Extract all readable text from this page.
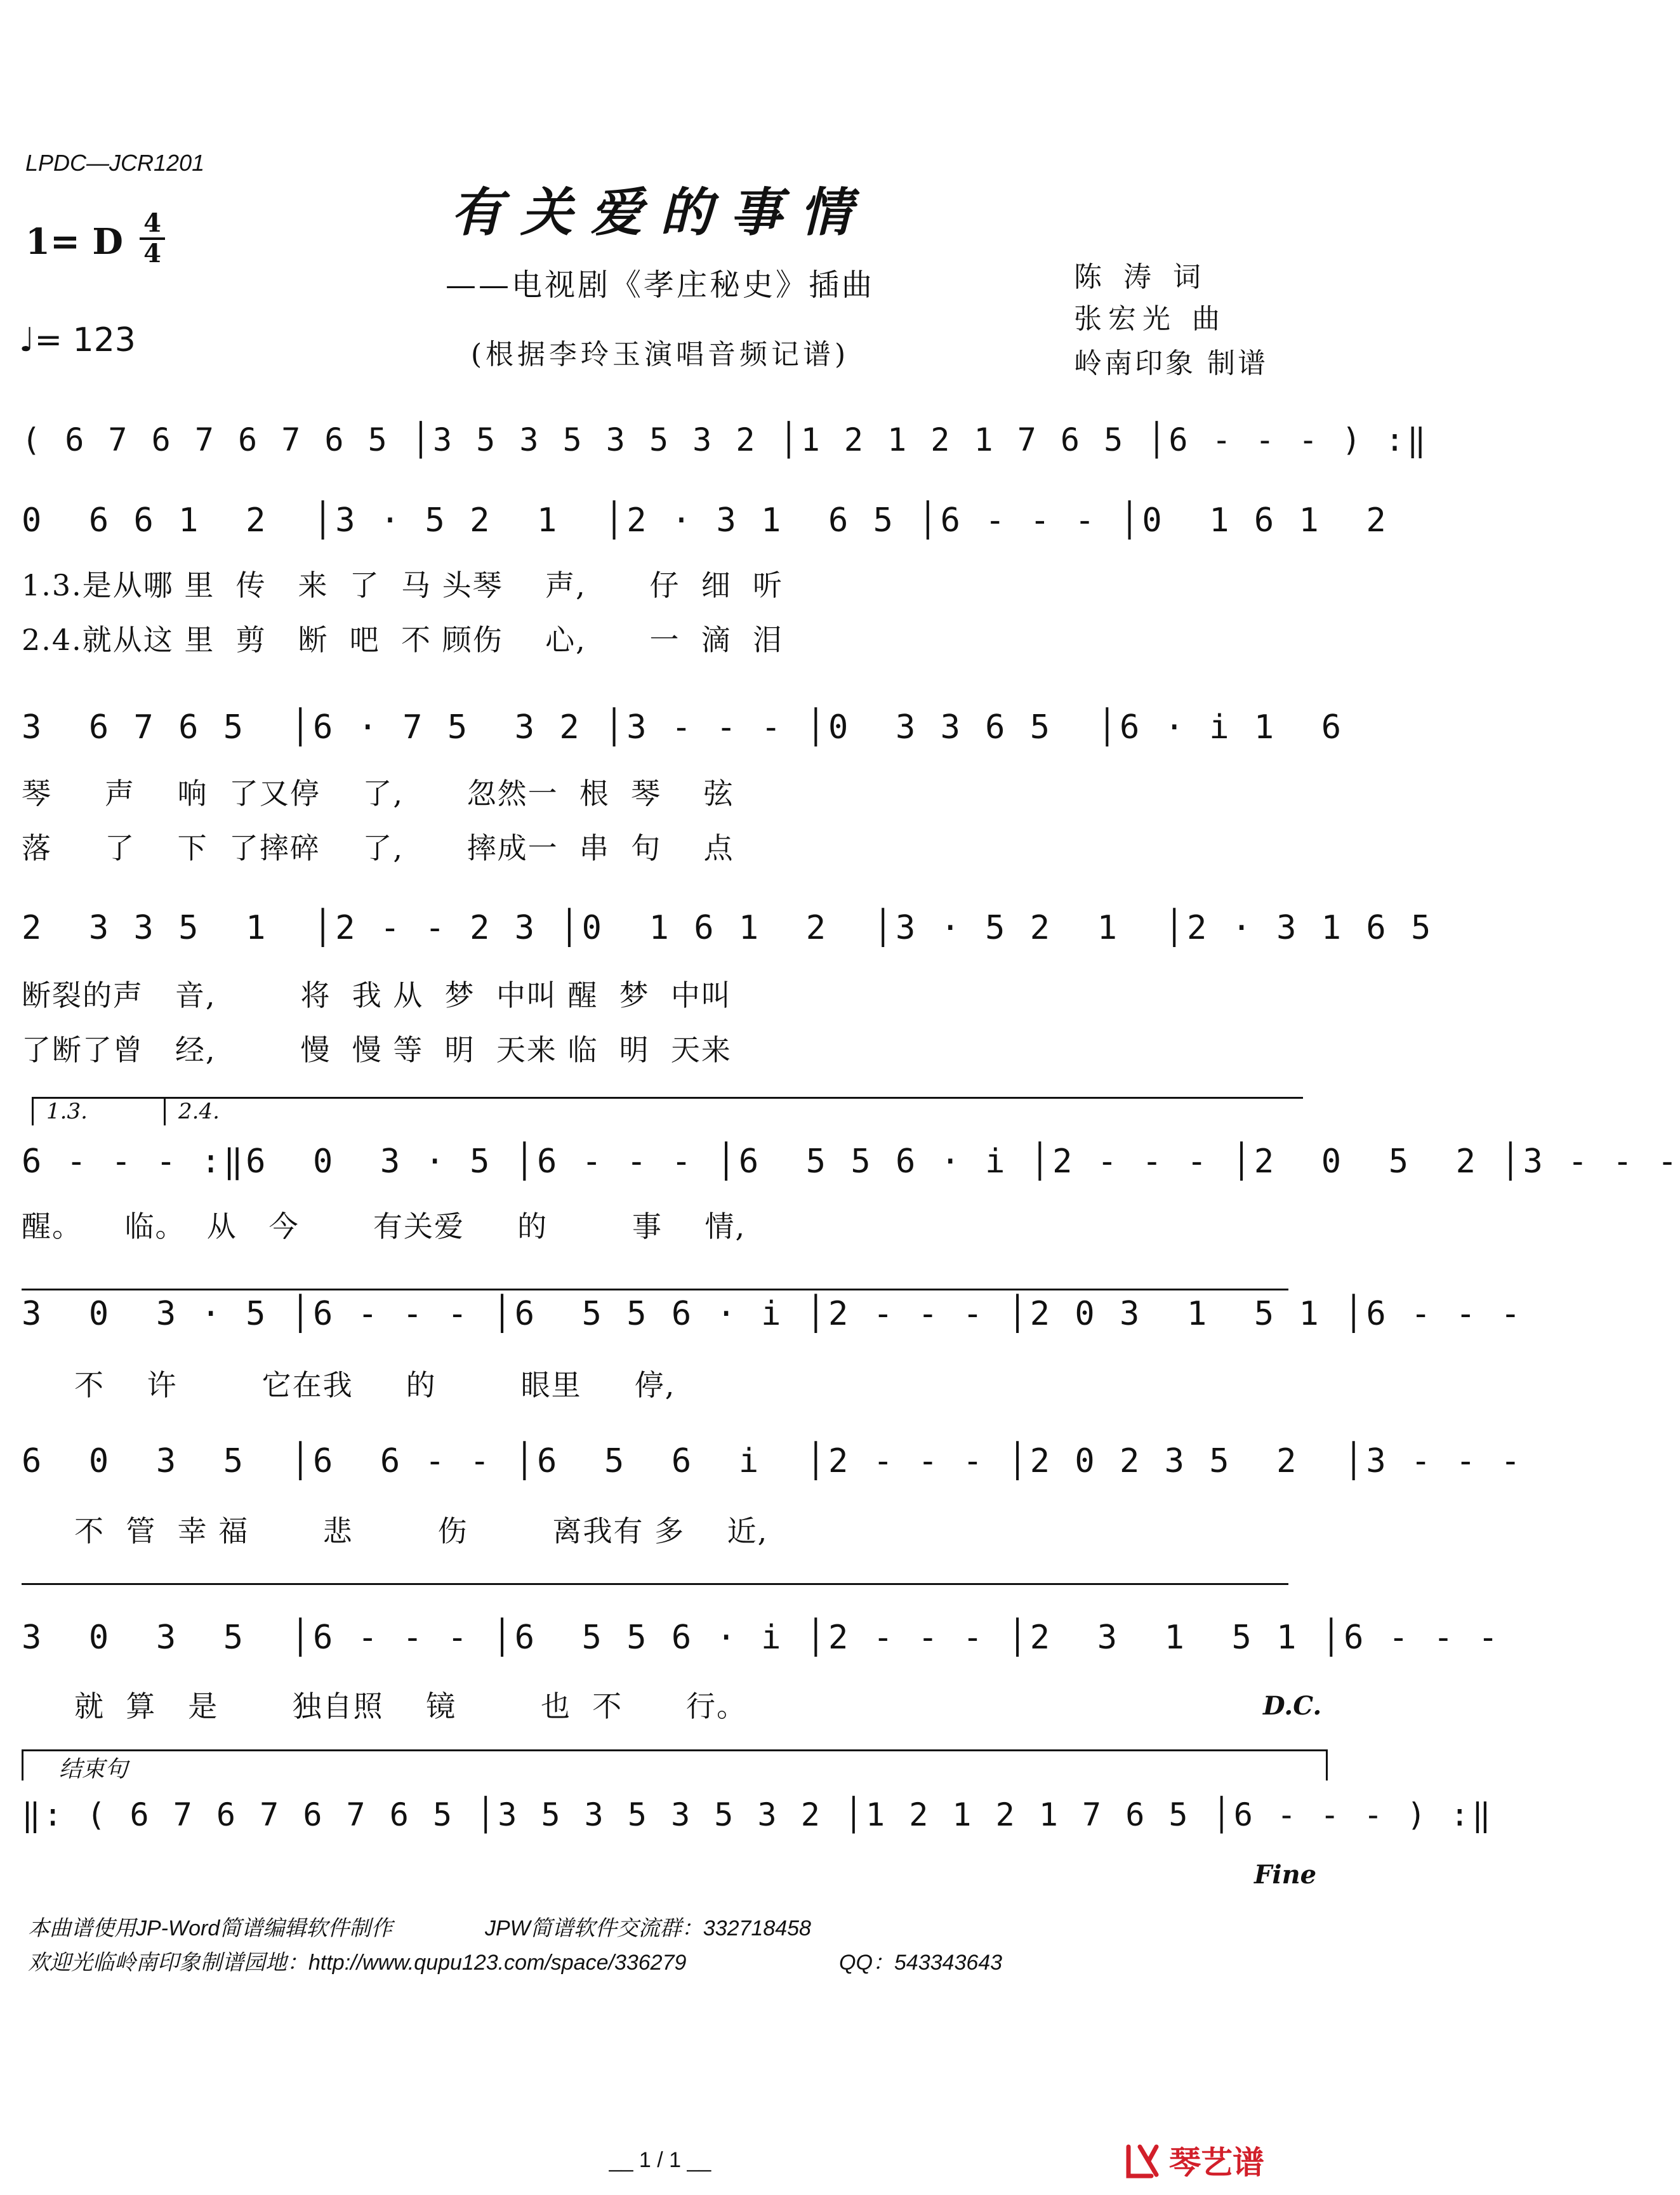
LPDC—JCR1201
有关爱的事情
——电视剧《孝庄秘史》插曲
(根据李玲玉演唱音频记谱)
1= D 4
4
♩= 123
陈 涛 词
张宏光 曲
岭南印象 制谱
( 6 7 6 7 6 7 6 5 │3 5 3 5 3 5 3 2 │1 2 1 2 1 7 6 5 │6 - - - ) :‖
0  6 6 1  2  │3 · 5 2  1  │2 · 3 1  6 5 │6 - - - │0  1 6 1  2
1.3.是从哪 里  传   来  了  马 头琴    声,      仔  细  听
2.4.就从这 里  剪   断  吧  不 顾伤    心,      一  滴  泪
3  6 7 6 5  │6 · 7 5  3 2 │3 - - - │0  3 3 6 5  │6 · i 1  6
琴     声    响  了又停    了,      忽然一  根  琴    弦
落     了    下  了摔碎    了,      摔成一  串  句    点
2  3 3 5  1  │2 - - 2 3 │0  1 6 1  2  │3 · 5 2  1  │2 · 3 1 6 5
断裂的声   音,        将  我 从  梦  中叫 醒  梦  中叫
了断了曾   经,        慢  慢 等  明  天来 临  明  天来
1.3.	2.4.
6 - - - :‖6  0  3 · 5 │6 - - - │6  5 5 6 · i │2 - - - │2  0  5  2 │3 - - -
醒。    临。  从   今       有关爱     的        事    情,
3  0  3 · 5 │6 - - - │6  5 5 6 · i │2 - - - │2 0 3  1  5 1 │6 - - -
不    许        它在我     的        眼里     停,
6  0  3  5  │6  6 - - │6  5  6  i  │2 - - - │2 0 2 3 5  2  │3 - - -
不  管  幸 福       悲        伤        离我有 多    近,
3  0  3  5  │6 - - - │6  5 5 6 · i │2 - - - │2  3  1  5 1 │6 - - -
就  算   是       独自照    镜        也  不      行。	D.C.
结束句
‖: ( 6 7 6 7 6 7 6 5 │3 5 3 5 3 5 3 2 │1 2 1 2 1 7 6 5 │6 - - - ) :‖
Fine
本曲谱使用JP-Word简谱编辑软件制作	JPW简谱软件交流群：332718458
欢迎光临岭南印象制谱园地：http://www.qupu123.com/space/336279	QQ：543343643
__ 1 / 1 __	琴艺谱
